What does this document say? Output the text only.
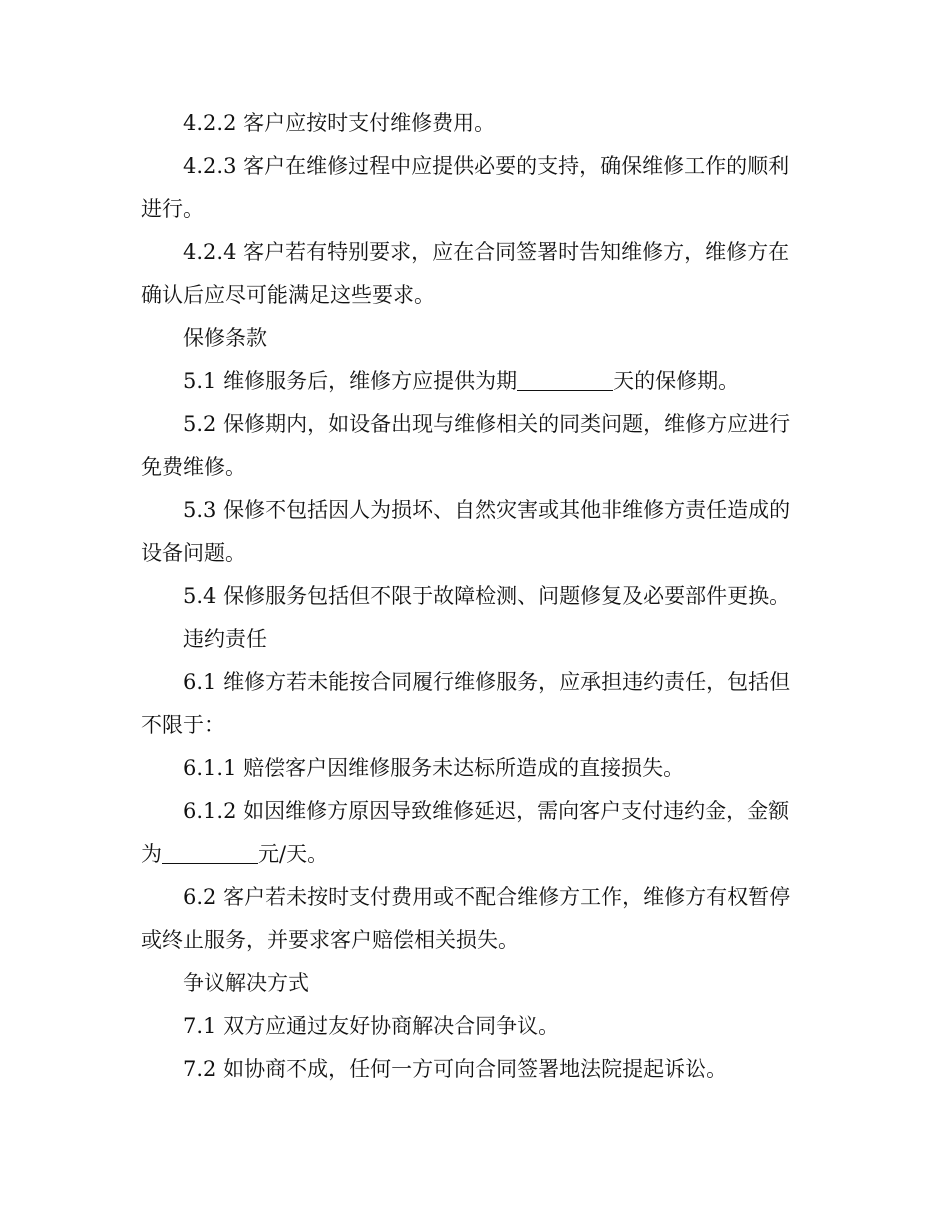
4.2.2 客户应按时支付维修费用。

4.2.3 客户在维修过程中应提供必要的支持，确保维修工作的顺利进行。

4.2.4 客户若有特别要求，应在合同签署时告知维修方，维修方在确认后应尽可能满足这些要求。

保修条款

5.1 维修服务后，维修方应提供为期	天的保修期。

5.2 保修期内，如设备出现与维修相关的同类问题，维修方应进行免费维修。

5.3 保修不包括因人为损坏、自然灾害或其他非维修方责任造成的设备问题。

5.4 保修服务包括但不限于故障检测、问题修复及必要部件更换。

违约责任

6.1 维修方若未能按合同履行维修服务，应承担违约责任，包括但不限于：

6.1.1 赔偿客户因维修服务未达标所造成的直接损失。

6.1.2 如因维修方原因导致维修延迟，需向客户支付违约金，金额为	元/天。

6.2 客户若未按时支付费用或不配合维修方工作，维修方有权暂停或终止服务，并要求客户赔偿相关损失。

争议解决方式

7.1 双方应通过友好协商解决合同争议。

7.2 如协商不成，任何一方可向合同签署地法院提起诉讼。
